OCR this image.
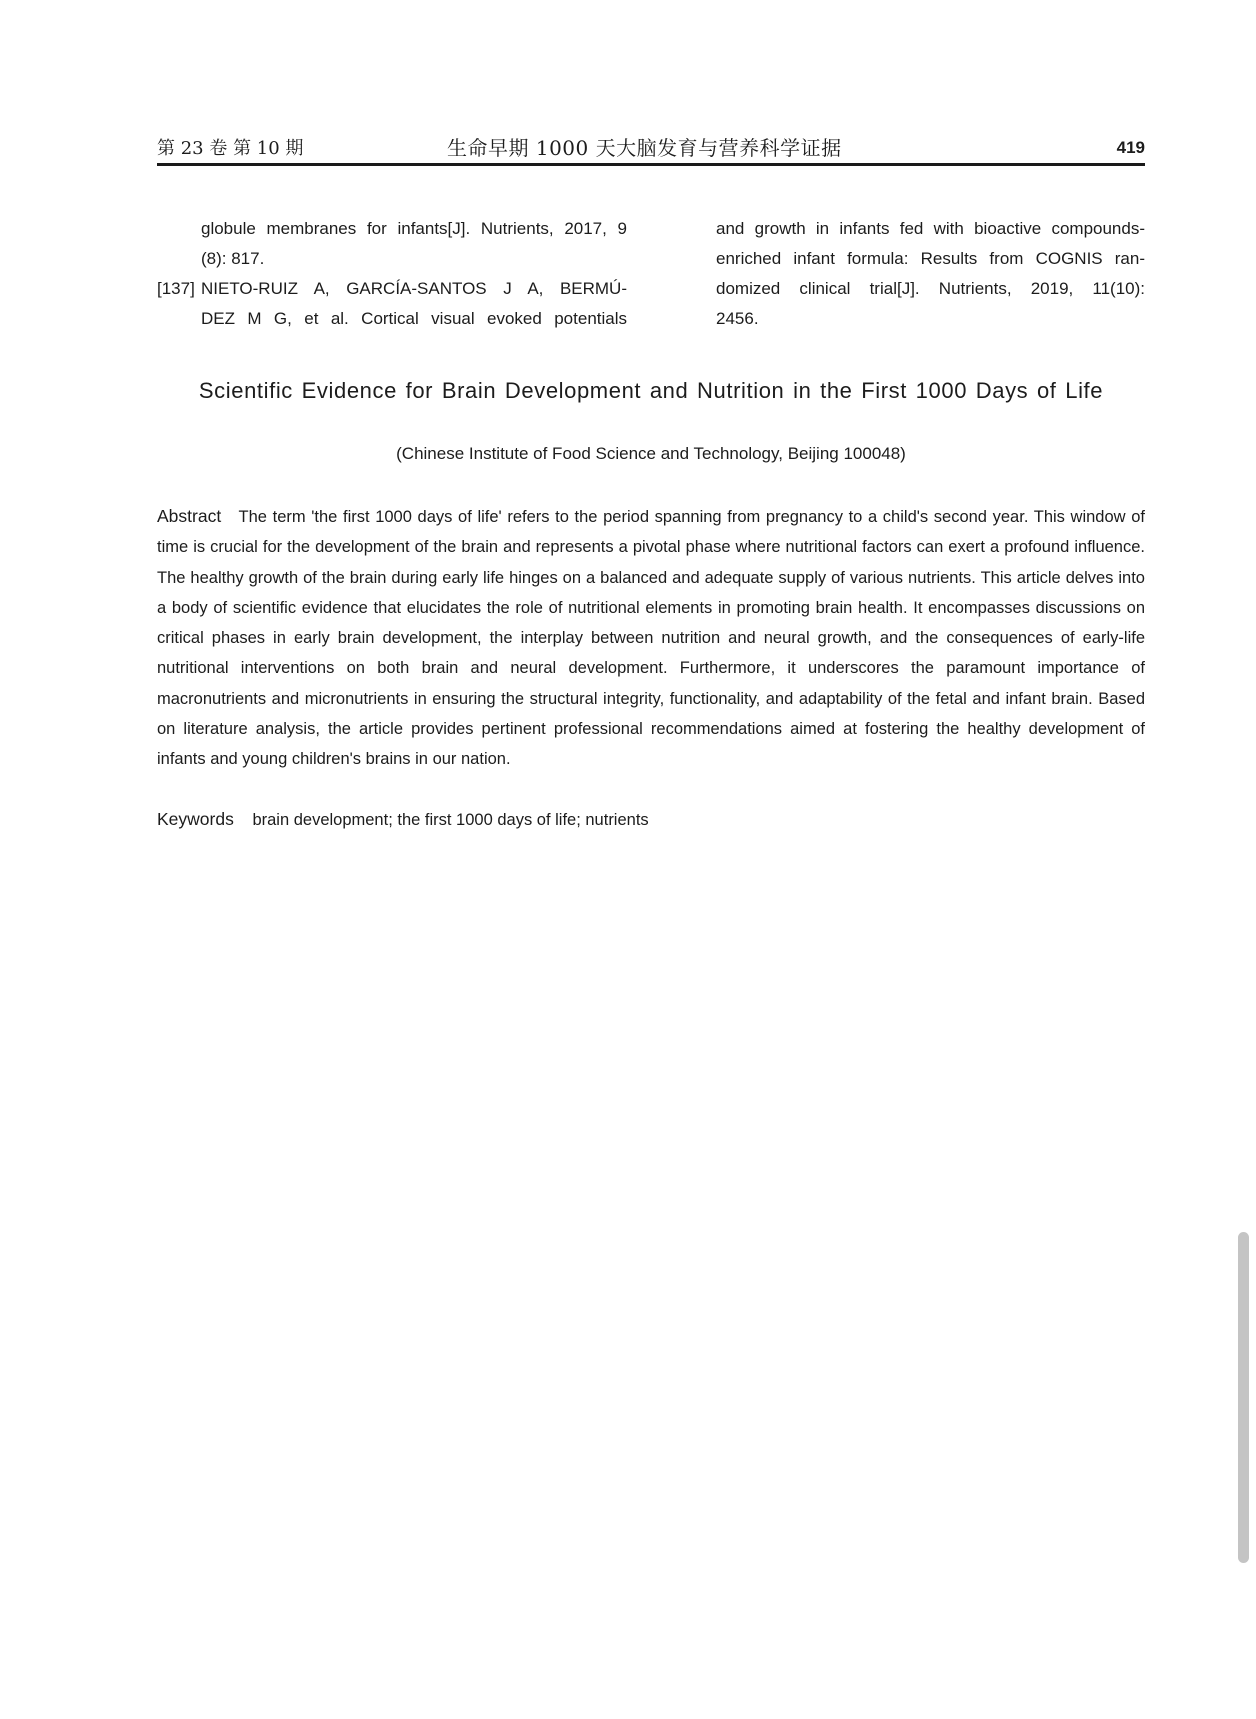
第 23 卷 第 10 期	生命早期 1000 天大脑发育与营养科学证据	419
globule membranes for infants[J]. Nutrients, 2017, 9
(8): 817.
[137] NIETO-RUIZ A, GARCÍA-SANTOS J A, BERMÚ-
DEZ M G, et al. Cortical visual evoked potentials
and growth in infants fed with bioactive compounds-
enriched infant formula: Results from COGNIS ran-
domized clinical trial[J]. Nutrients, 2019, 11(10):
2456.
Scientific Evidence for Brain Development and Nutrition in the First 1000 Days of Life
(Chinese Institute of Food Science and Technology, Beijing 100048)
Abstract The term 'the first 1000 days of life' refers to the period spanning from pregnancy to a child's second year. This window of time is crucial for the development of the brain and represents a pivotal phase where nutritional factors can exert a profound influence. The healthy growth of the brain during early life hinges on a balanced and adequate supply of various nutrients. This article delves into a body of scientific evidence that elucidates the role of nutritional elements in promoting brain health. It encompasses discussions on critical phases in early brain development, the interplay between nutrition and neural growth, and the consequences of early-life nutritional interventions on both brain and neural development. Furthermore, it underscores the paramount importance of macronutrients and micronutrients in ensuring the structural integrity, functionality, and adaptability of the fetal and infant brain. Based on literature analysis, the article provides pertinent professional recommendations aimed at fostering the healthy development of infants and young children's brains in our nation.
Keywords brain development; the first 1000 days of life; nutrients
